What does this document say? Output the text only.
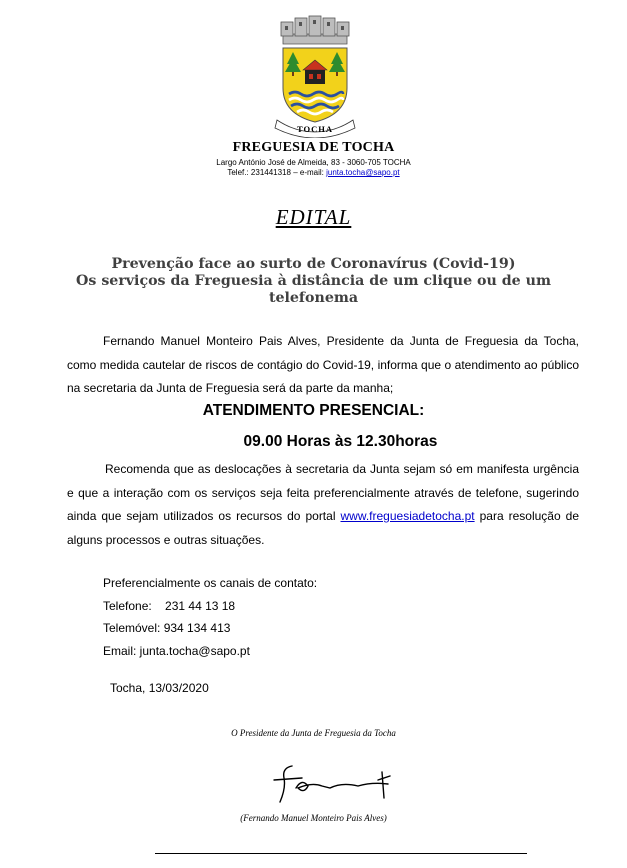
TOCHA
FREGUESIA DE TOCHA
Largo António José de Almeida, 83 - 3060-705 TOCHA
Telef.: 231441318 – e-mail: junta.tocha@sapo.pt
EDITAL
Prevenção face ao surto de Coronavírus (Covid-19)
Os serviços da Freguesia à distância de um clique ou de um
telefonema
Fernando Manuel Monteiro Pais Alves, Presidente da Junta de Freguesia da Tocha, como medida cautelar de riscos de contágio do Covid-19, informa que o atendimento ao público na secretaria da Junta de Freguesia será da parte da manha;
ATENDIMENTO PRESENCIAL:
09.00 Horas às 12.30horas
Recomenda que as deslocações à secretaria da Junta sejam só em manifesta urgência e que a interação com os serviços seja feita preferencialmente através de telefone, sugerindo ainda que sejam utilizados os recursos do portal www.freguesiadetocha.pt para resolução de alguns processos e outras situações.
Preferencialmente os canais de contato:
Telefone:    231 44 13 18
Telemóvel: 934 134 413
Email: junta.tocha@sapo.pt
Tocha, 13/03/2020
O Presidente da Junta de Freguesia da Tocha
(Fernando Manuel Monteiro Pais Alves)
